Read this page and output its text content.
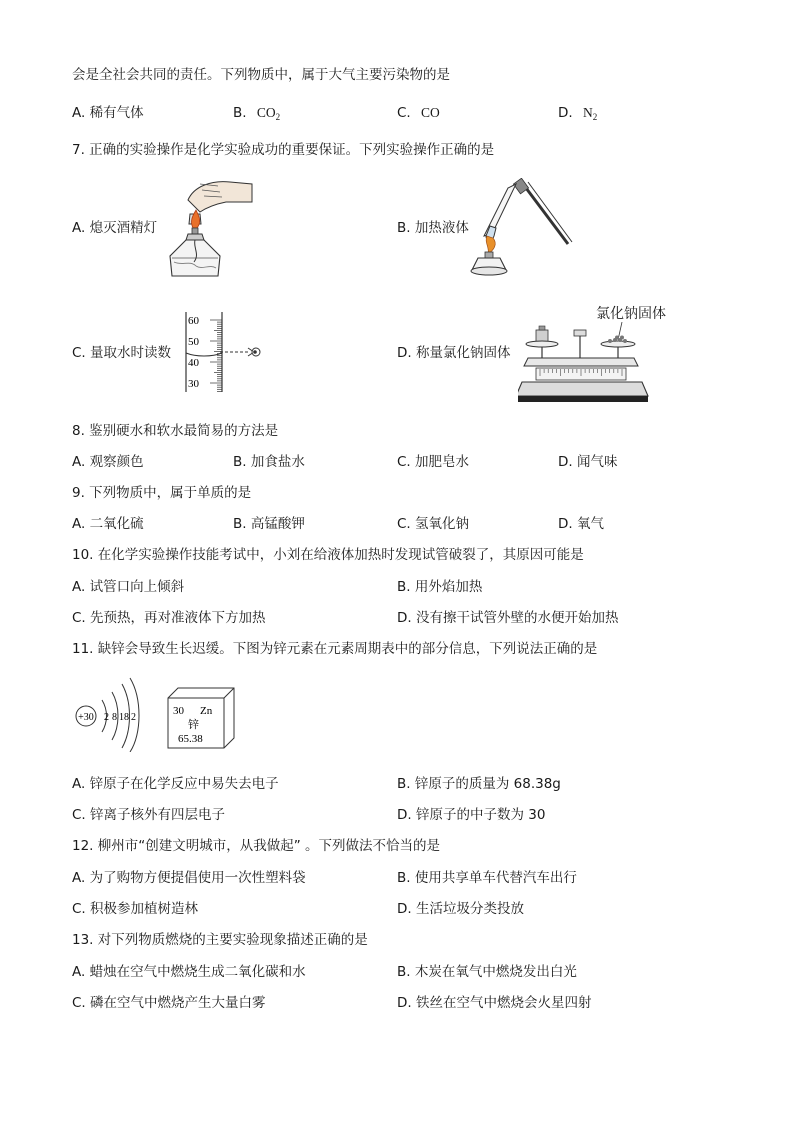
会是全社会共同的责任。下列物质中，属于大气主要污染物的是
A. 稀有气体	B. $CO_2$	C. CO	D. $N_2$
7. 正确的实验操作是化学实验成功的重要保证。下列实验操作正确的是
A. 熄灭酒精灯	B. 加热液体
C. 量取水时读数	D. 称量氯化钠固体
60
50
40
30
氯化钠固体
8. 鉴别硬水和软水最简易的方法是
A. 观察颜色	B. 加食盐水	C. 加肥皂水	D. 闻气味
9. 下列物质中，属于单质的是
A. 二氧化硫	B. 高锰酸钾	C. 氢氧化钠	D. 氧气
10. 在化学实验操作技能考试中，小刘在给液体加热时发现试管破裂了，其原因可能是
A. 试管口向上倾斜	B. 用外焰加热
C. 先预热，再对准液体下方加热	D. 没有擦干试管外壁的水便开始加热
11. 缺锌会导致生长迟缓。下图为锌元素在元素周期表中的部分信息，下列说法正确的是
+30 2 8 18 2
30 Zn
锌
65.38
A. 锌原子在化学反应中易失去电子	B. 锌原子的质量为 68.38g
C. 锌离子核外有四层电子	D. 锌原子的中子数为 30
12. 柳州市“创建文明城市，从我做起” 。下列做法不恰当的是
A. 为了购物方便提倡使用一次性塑料袋	B. 使用共享单车代替汽车出行
C. 积极参加植树造林	D. 生活垃圾分类投放
13. 对下列物质燃烧的主要实验现象描述正确的是
A. 蜡烛在空气中燃烧生成二氧化碳和水	B. 木炭在氧气中燃烧发出白光
C. 磷在空气中燃烧产生大量白雾	D. 铁丝在空气中燃烧会火星四射
